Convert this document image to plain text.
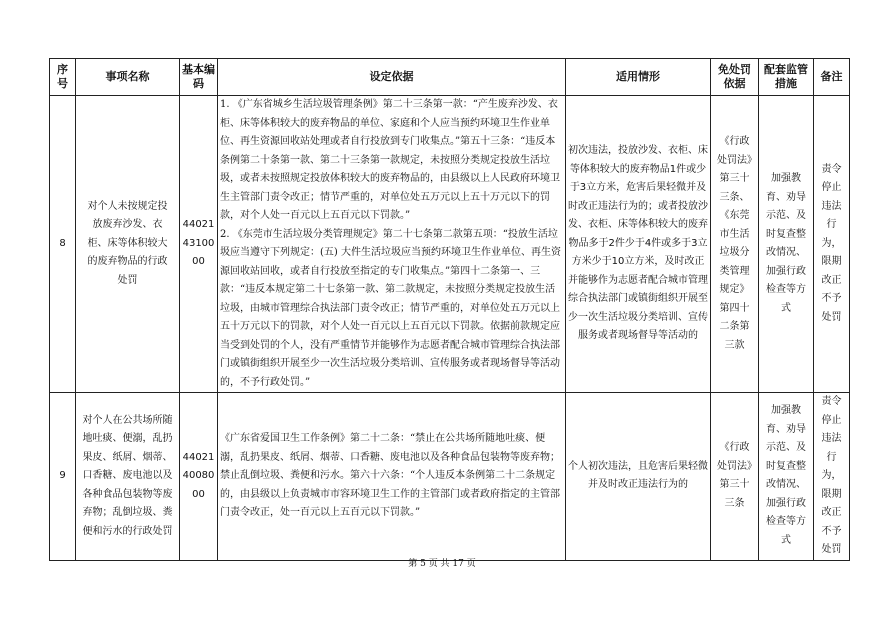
序号	事项名称	基本编码	设定依据	适用情形	免处罚依据	配套监管措施	备注
8	对个人未按规定投放废弃沙发、衣柜、床等体积较大的废弃物品的行政处罚	440214310000	1. 《广东省城乡生活垃圾管理条例》第二十三条第一款：“产生废弃沙发、衣柜、床等体积较大的废弃物品的单位、家庭和个人应当预约环境卫生作业单位、再生资源回收站处理或者自行投放到专门收集点。”第五十三条：“违反本条例第二十条第一款、第二十三条第一款规定，未按照分类规定投放生活垃圾，或者未按照规定投放体积较大的废弃物品的，由县级以上人民政府环境卫生主管部门责令改正；情节严重的，对单位处五万元以上五十万元以下的罚款，对个人处一百元以上五百元以下罚款。”
2. 《东莞市生活垃圾分类管理规定》第二十七条第二款第五项：“投放生活垃圾应当遵守下列规定：(五) 大件生活垃圾应当预约环境卫生作业单位、再生资源回收站回收，或者自行投放至指定的专门收集点。”第四十二条第一、三款：“违反本规定第二十七条第一款、第二款规定，未按照分类规定投放生活垃圾，由城市管理综合执法部门责令改正；情节严重的，对单位处五万元以上五十万元以下的罚款，对个人处一百元以上五百元以下罚款。依据前款规定应当受到处罚的个人，没有严重情节并能够作为志愿者配合城市管理综合执法部门或镇街组织开展至少一次生活垃圾分类培训、宣传服务或者现场督导等活动的，不予行政处罚。”	初次违法，投放沙发、衣柜、床等体积较大的废弃物品1件或少于3立方米，危害后果轻微并及时改正违法行为的；或者投放沙发、衣柜、床等体积较大的废弃物品多于2件少于4件或多于3立方米少于10立方米，及时改正并能够作为志愿者配合城市管理综合执法部门或镇街组织开展至少一次生活垃圾分类培训、宣传服务或者现场督导等活动的	《行政处罚法》第三十三条、《东莞市生活垃圾分类管理规定》第四十二条第三款	加强教育、劝导示范、及时复查整改情况、加强行政检查等方式	责令停止违法行为，限期改正不予处罚
9	对个人在公共场所随地吐痰、便溺，乱扔果皮、纸屑、烟蒂、口香糖、废电池以及各种食品包装物等废弃物；乱倒垃圾、粪便和污水的行政处罚	440214008000	《广东省爱国卫生工作条例》第二十二条：“禁止在公共场所随地吐痰、便溺，乱扔果皮、纸屑、烟蒂、口香糖、废电池以及各种食品包装物等废弃物；禁止乱倒垃圾、粪便和污水。第六十六条：“个人违反本条例第二十二条规定的，由县级以上负责城市市容环境卫生工作的主管部门或者政府指定的主管部门责令改正，处一百元以上五百元以下罚款。”	个人初次违法，且危害后果轻微并及时改正违法行为的	《行政处罚法》第三十三条	加强教育、劝导示范、及时复查整改情况、加强行政检查等方式	责令停止违法行为，限期改正不予处罚
第 5 页 共 17 页
